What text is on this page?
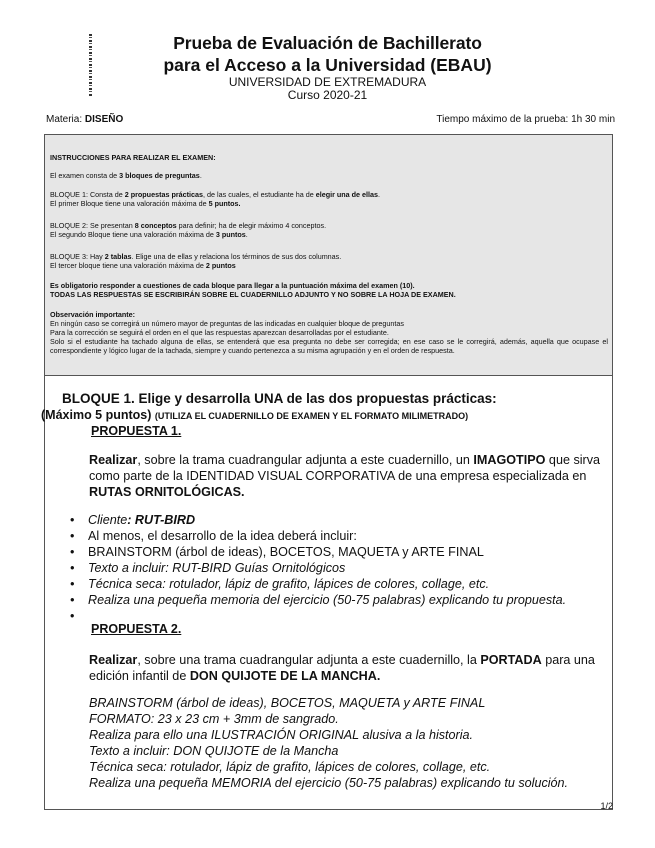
Prueba de Evaluación de Bachillerato
para el Acceso a la Universidad (EBAU)
UNIVERSIDAD DE EXTREMADURA
Curso 2020-21
Materia: DISEÑO	Tiempo máximo de la prueba: 1h 30 min
INSTRUCCIONES PARA REALIZAR EL EXAMEN:
El examen consta de 3 bloques de preguntas.
BLOQUE 1: Consta de 2 propuestas prácticas, de las cuales, el estudiante ha de elegir una de ellas.
El primer Bloque tiene una valoración máxima de 5 puntos.
BLOQUE 2: Se presentan 8 conceptos para definir; ha de elegir máximo 4 conceptos.
El segundo Bloque tiene una valoración máxima de 3 puntos.
BLOQUE 3: Hay 2 tablas. Elige una de ellas y relaciona los términos de sus dos columnas.
El tercer bloque tiene una valoración máxima de 2 puntos
Es obligatorio responder a cuestiones de cada bloque para llegar a la puntuación máxima del examen (10).
TODAS LAS RESPUESTAS SE ESCRIBIRÁN SOBRE EL CUADERNILLO ADJUNTO Y NO SOBRE LA HOJA DE EXAMEN.
Observación importante:
En ningún caso se corregirá un número mayor de preguntas de las indicadas en cualquier bloque de preguntas
Para la corrección se seguirá el orden en el que las respuestas aparezcan desarrolladas por el estudiante.
Solo si el estudiante ha tachado alguna de ellas, se entenderá que esa pregunta no debe ser corregida; en ese caso se le corregirá, además, aquella que ocupase el correspondiente y lógico lugar de la tachada, siempre y cuando pertenezca a su misma agrupación y en el orden de respuesta.
BLOQUE 1. Elige y desarrolla UNA de las dos propuestas prácticas:
(Máximo 5 puntos) (UTILIZA EL CUADERNILLO DE EXAMEN Y EL FORMATO MILIMETRADO)
PROPUESTA 1.
Realizar, sobre la trama cuadrangular adjunta a este cuadernillo, un IMAGOTIPO que sirva como parte de la IDENTIDAD VISUAL CORPORATIVA de una empresa especializada en RUTAS ORNITOLÓGICAS.
• Cliente: RUT-BIRD
• Al menos, el desarrollo de la idea deberá incluir:
• BRAINSTORM (árbol de ideas), BOCETOS, MAQUETA y ARTE FINAL
• Texto a incluir: RUT-BIRD Guías Ornitológicos
• Técnica seca: rotulador, lápiz de grafito, lápices de colores, collage, etc.
• Realiza una pequeña memoria del ejercicio (50-75 palabras) explicando tu propuesta.
•
PROPUESTA 2.
Realizar, sobre una trama cuadrangular adjunta a este cuadernillo, la PORTADA para una edición infantil de DON QUIJOTE DE LA MANCHA.
BRAINSTORM (árbol de ideas), BOCETOS, MAQUETA y ARTE FINAL
FORMATO: 23 x 23 cm + 3mm de sangrado.
Realiza para ello una ILUSTRACIÓN ORIGINAL alusiva a la historia.
Texto a incluir: DON QUIJOTE de la Mancha
Técnica seca: rotulador, lápiz de grafito, lápices de colores, collage, etc.
Realiza una pequeña MEMORIA del ejercicio (50-75 palabras) explicando tu solución.
1/2
